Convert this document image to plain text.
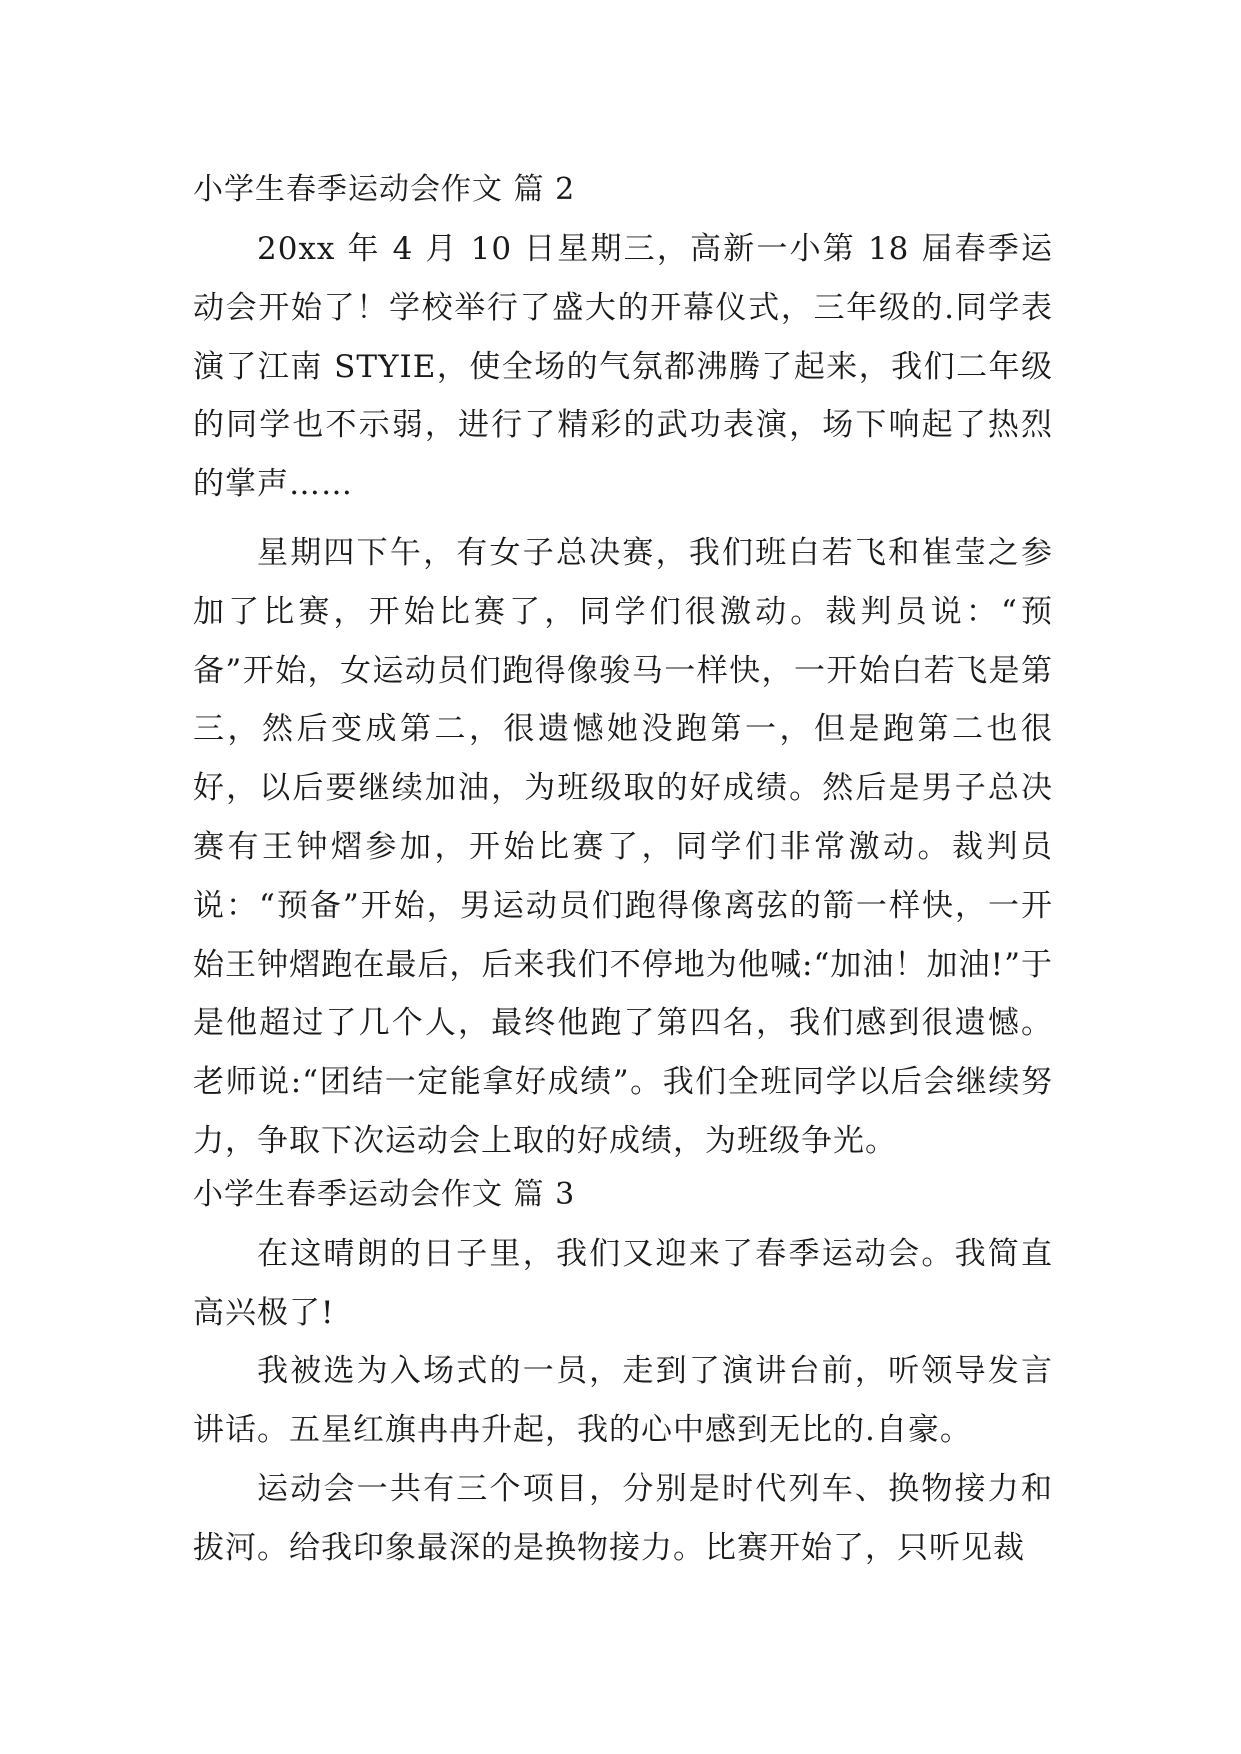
小学生春季运动会作文 篇 2

20xx 年 4 月 10 日星期三，高新一小第 18 届春季运动会开始了！学校举行了盛大的开幕仪式，三年级的.同学表演了江南 STYIE，使全场的气氛都沸腾了起来，我们二年级的同学也不示弱，进行了精彩的武功表演，场下响起了热烈的掌声……

星期四下午，有女子总决赛，我们班白若飞和崔莹之参加了比赛，开始比赛了，同学们很激动。裁判员说：“预备”开始，女运动员们跑得像骏马一样快，一开始白若飞是第三，然后变成第二，很遗憾她没跑第一，但是跑第二也很好，以后要继续加油，为班级取的好成绩。然后是男子总决赛有王钟熠参加，开始比赛了，同学们非常激动。裁判员说：“预备”开始，男运动员们跑得像离弦的箭一样快，一开始王钟熠跑在最后，后来我们不停地为他喊:“加油！加油!”于是他超过了几个人，最终他跑了第四名，我们感到很遗憾。老师说:“团结一定能拿好成绩”。我们全班同学以后会继续努力，争取下次运动会上取的好成绩，为班级争光。

小学生春季运动会作文 篇 3

在这晴朗的日子里，我们又迎来了春季运动会。我简直高兴极了!

我被选为入场式的一员，走到了演讲台前，听领导发言讲话。五星红旗冉冉升起，我的心中感到无比的.自豪。

运动会一共有三个项目，分别是时代列车、换物接力和拔河。给我印象最深的是换物接力。比赛开始了，只听见裁
